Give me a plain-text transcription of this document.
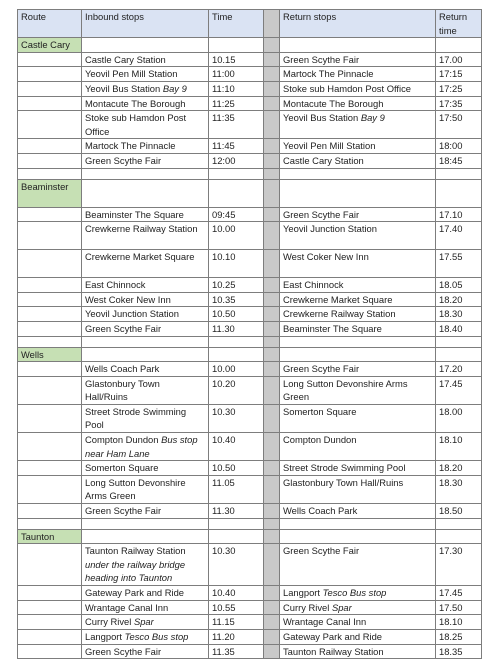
Route	Inbound stops	Time		Return stops	Return time
Castle Cary					
	Castle Cary Station	10.15		Green Scythe Fair	17.00
	Yeovil Pen Mill Station	11:00		Martock The Pinnacle	17:15
	Yeovil Bus Station Bay 9	11:10		Stoke sub Hamdon Post Office	17:25
	Montacute The Borough	11:25		Montacute The Borough	17:35
	Stoke sub Hamdon Post Office	11:35		Yeovil Bus Station Bay 9	17:50
	Martock The Pinnacle	11:45		Yeovil Pen Mill Station	18:00
	Green Scythe Fair	12:00		Castle Cary Station	18:45

Beaminster					
	Beaminster The Square	09:45		Green Scythe Fair	17.10
	Crewkerne Railway Station	10.00		Yeovil Junction Station	17.40
	Crewkerne Market Square	10.10		West Coker New Inn	17.55
	East Chinnock	10.25		East Chinnock	18.05
	West Coker New Inn	10.35		Crewkerne Market Square	18.20
	Yeovil Junction Station	10.50		Crewkerne Railway Station	18.30
	Green Scythe Fair	11.30		Beaminster The Square	18.40

Wells					
	Wells Coach Park	10.00		Green Scythe Fair	17.20
	Glastonbury Town Hall/Ruins	10.20		Long Sutton Devonshire Arms Green	17.45
	Street Strode Swimming Pool	10.30		Somerton Square	18.00
	Compton Dundon Bus stop near Ham Lane	10.40		Compton Dundon	18.10
	Somerton Square	10.50		Street Strode Swimming Pool	18.20
	Long Sutton Devonshire Arms Green	11.05		Glastonbury Town Hall/Ruins	18.30
	Green Scythe Fair	11.30		Wells Coach Park	18.50

Taunton					
	Taunton Railway Station under the railway bridge heading into Taunton	10.30		Green Scythe Fair	17.30
	Gateway Park and Ride	10.40		Langport Tesco Bus stop	17.45
	Wrantage Canal Inn	10.55		Curry Rivel Spar	17.50
	Curry Rivel Spar	11.15		Wrantage Canal Inn	18.10
	Langport Tesco Bus stop	11.20		Gateway Park and Ride	18.25
	Green Scythe Fair	11.35		Taunton Railway Station	18.35
